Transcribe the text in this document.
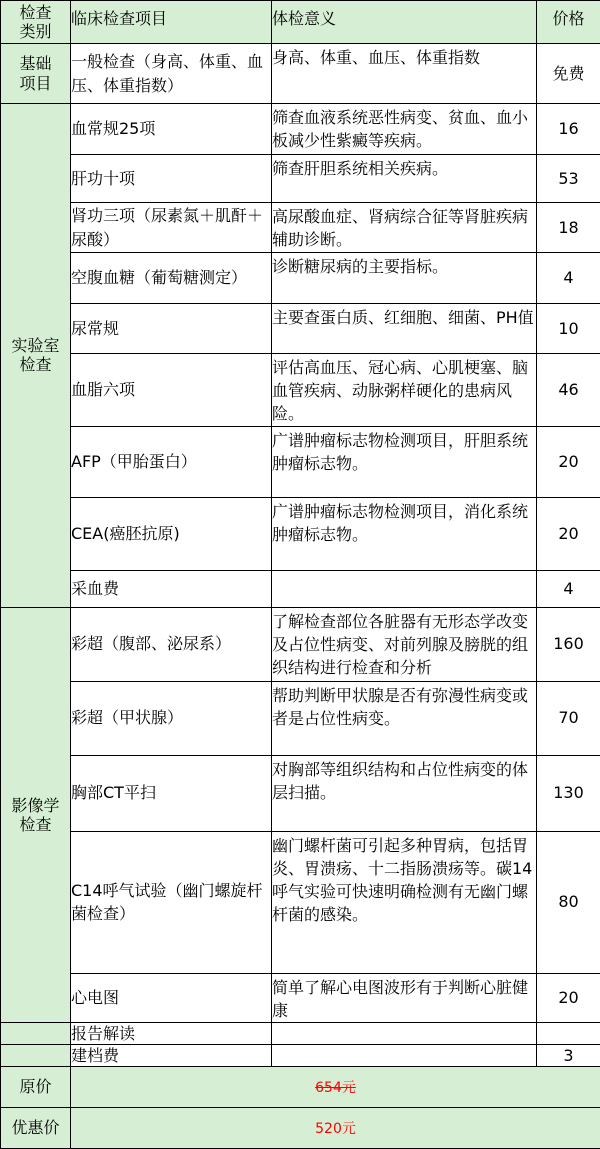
检查
类别	临床检查项目	体检意义	价格
基础
项目	一般检查（身高、体重、血压、体重指数）	身高、体重、血压、体重指数	免费
实验室
检查	血常规25项	筛查血液系统恶性病变、贫血、血小板减少性紫癜等疾病。	16
	肝功十项	筛查肝胆系统相关疾病。	53
	肾功三项（尿素氮＋肌酐＋尿酸）	高尿酸血症、肾病综合征等肾脏疾病辅助诊断。	18
	空腹血糖（葡萄糖测定）	诊断糖尿病的主要指标。	4
	尿常规	主要查蛋白质、红细胞、细菌、PH值	10
	血脂六项	评估高血压、冠心病、心肌梗塞、脑血管疾病、动脉粥样硬化的患病风险。	46
	AFP（甲胎蛋白）	广谱肿瘤标志物检测项目，肝胆系统肿瘤标志物。	20
	CEA(癌胚抗原)	广谱肿瘤标志物检测项目，消化系统肿瘤标志物。	20
	采血费		4
影像学
检查	彩超（腹部、泌尿系）	了解检查部位各脏器有无形态学改变及占位性病变、对前列腺及膀胱的组织结构进行检查和分析	160
	彩超（甲状腺）	帮助判断甲状腺是否有弥漫性病变或者是占位性病变。	70
	胸部CT平扫	对胸部等组织结构和占位性病变的体层扫描。	130
	C14呼气试验（幽门螺旋杆菌检查）	幽门螺杆菌可引起多种胃病，包括胃炎、胃溃疡、十二指肠溃疡等。碳14呼气实验可快速明确检测有无幽门螺杆菌的感染。	80
	心电图	简单了解心电图波形有于判断心脏健康	20
	报告解读		
	建档费		3
原价	654元		
优惠价	520元		
